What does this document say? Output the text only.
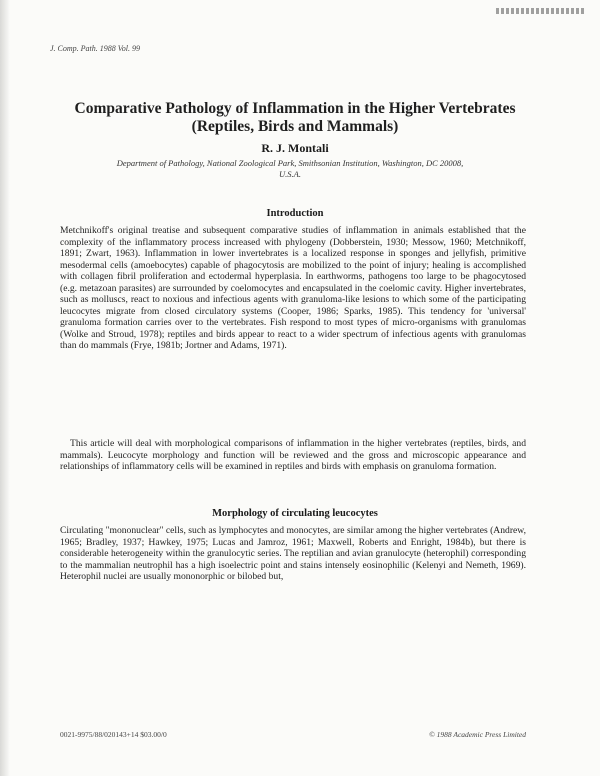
J. Comp. Path. 1988 Vol. 99
Comparative Pathology of Inflammation in the Higher Vertebrates (Reptiles, Birds and Mammals)
R. J. Montali
Department of Pathology, National Zoological Park, Smithsonian Institution, Washington, DC 20008, U.S.A.
Introduction
Metchnikoff's original treatise and subsequent comparative studies of inflammation in animals established that the complexity of the inflammatory process increased with phylogeny (Dobberstein, 1930; Messow, 1960; Metchnikoff, 1891; Zwart, 1963). Inflammation in lower invertebrates is a localized response in sponges and jellyfish, primitive mesodermal cells (amoebocytes) capable of phagocytosis are mobilized to the point of injury; healing is accomplished with collagen fibril proliferation and ectodermal hyperplasia. In earthworms, pathogens too large to be phagocytosed (e.g. metazoan parasites) are surrounded by coelomocytes and encapsulated in the coelomic cavity. Higher invertebrates, such as molluscs, react to noxious and infectious agents with granuloma-like lesions to which some of the participating leucocytes migrate from closed circulatory systems (Cooper, 1986; Sparks, 1985). This tendency for 'universal' granuloma formation carries over to the vertebrates. Fish respond to most types of micro-organisms with granulomas (Wolke and Stroud, 1978); reptiles and birds appear to react to a wider spectrum of infectious agents with granulomas than do mammals (Frye, 1981b; Jortner and Adams, 1971).
This article will deal with morphological comparisons of inflammation in the higher vertebrates (reptiles, birds, and mammals). Leucocyte morphology and function will be reviewed and the gross and microscopic appearance and relationships of inflammatory cells will be examined in reptiles and birds with emphasis on granuloma formation.
Morphology of circulating leucocytes
Circulating "mononuclear" cells, such as lymphocytes and monocytes, are similar among the higher vertebrates (Andrew, 1965; Bradley, 1937; Hawkey, 1975; Lucas and Jamroz, 1961; Maxwell, Roberts and Enright, 1984b), but there is considerable heterogeneity within the granulocytic series. The reptilian and avian granulocyte (heterophil) corresponding to the mammalian neutrophil has a high isoelectric point and stains intensely eosinophilic (Kelenyi and Nemeth, 1969). Heterophil nuclei are usually mononorphic or bilobed but,
0021-9975/88/020143+14 $03.00/0	© 1988 Academic Press Limited
